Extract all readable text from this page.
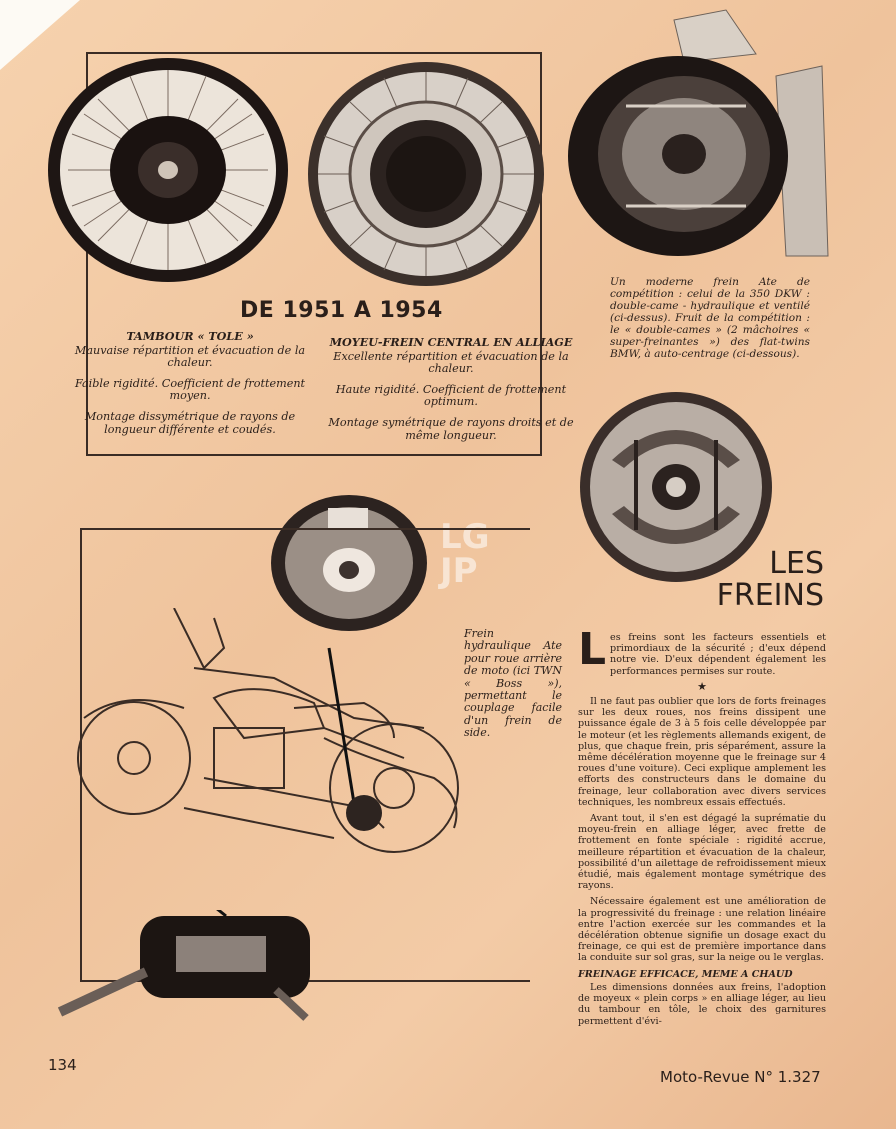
DE 1951 A 1954

TAMBOUR « TOLE »

Mauvaise répartition et évacuation de la chaleur.

Faible rigidité. Coefficient de frottement moyen.

Montage dissymétrique de rayons de longueur différente et coudés.

MOYEU-FREIN CENTRAL EN ALLIAGE

Excellente répartition et évacuation de la chaleur.

Haute rigidité. Coefficient de frottement optimum.

Montage symétrique de rayons droits et de même longueur.

Un moderne frein Ate de compétition : celui de la 350 DKW : double-came - hydraulique et ventilé (ci-dessus). Fruit de la compétition : le « double-cames » (2 mâchoires « super-freinantes ») des flat-twins BMW, à auto-centrage (ci-dessous).
LES
FREINS
LG
JP
Frein hydraulique Ate pour roue arrière de moto (ici TWN « Boss »), permettant le couplage facile d'un frein de side.
L es freins sont les facteurs essentiels et primordiaux de la sécurité ; d'eux dépend notre vie. D'eux dépendent également les performances permises sur route.
★

Il ne faut pas oublier que lors de forts freinages sur les deux roues, nos freins dissipent une puissance égale de 3 à 5 fois celle développée par le moteur (et les règlements allemands exigent, de plus, que chaque frein, pris séparément, assure la même décélération moyenne que le freinage sur 4 roues d'une voiture). Ceci explique amplement les efforts des constructeurs dans le domaine du freinage, leur collaboration avec divers services techniques, les nombreux essais effectués.

Avant tout, il s'en est dégagé la suprématie du moyeu-frein en alliage léger, avec frette de frottement en fonte spéciale : rigidité accrue, meilleure répartition et évacuation de la chaleur, possibilité d'un ailettage de refroidissement mieux étudié, mais également montage symétrique des rayons.

Nécessaire également est une amélioration de la progressivité du freinage : une relation linéaire entre l'action exercée sur les commandes et la décélération obtenue signifie un dosage exact du freinage, ce qui est de première importance dans la conduite sur sol gras, sur la neige ou le verglas.

FREINAGE EFFICACE, MEME A CHAUD

Les dimensions données aux freins, l'adoption de moyeux « plein corps » en alliage léger, au lieu du tambour en tôle, le choix des garnitures permettent d'évi-

134
Moto-Revue N° 1.327
